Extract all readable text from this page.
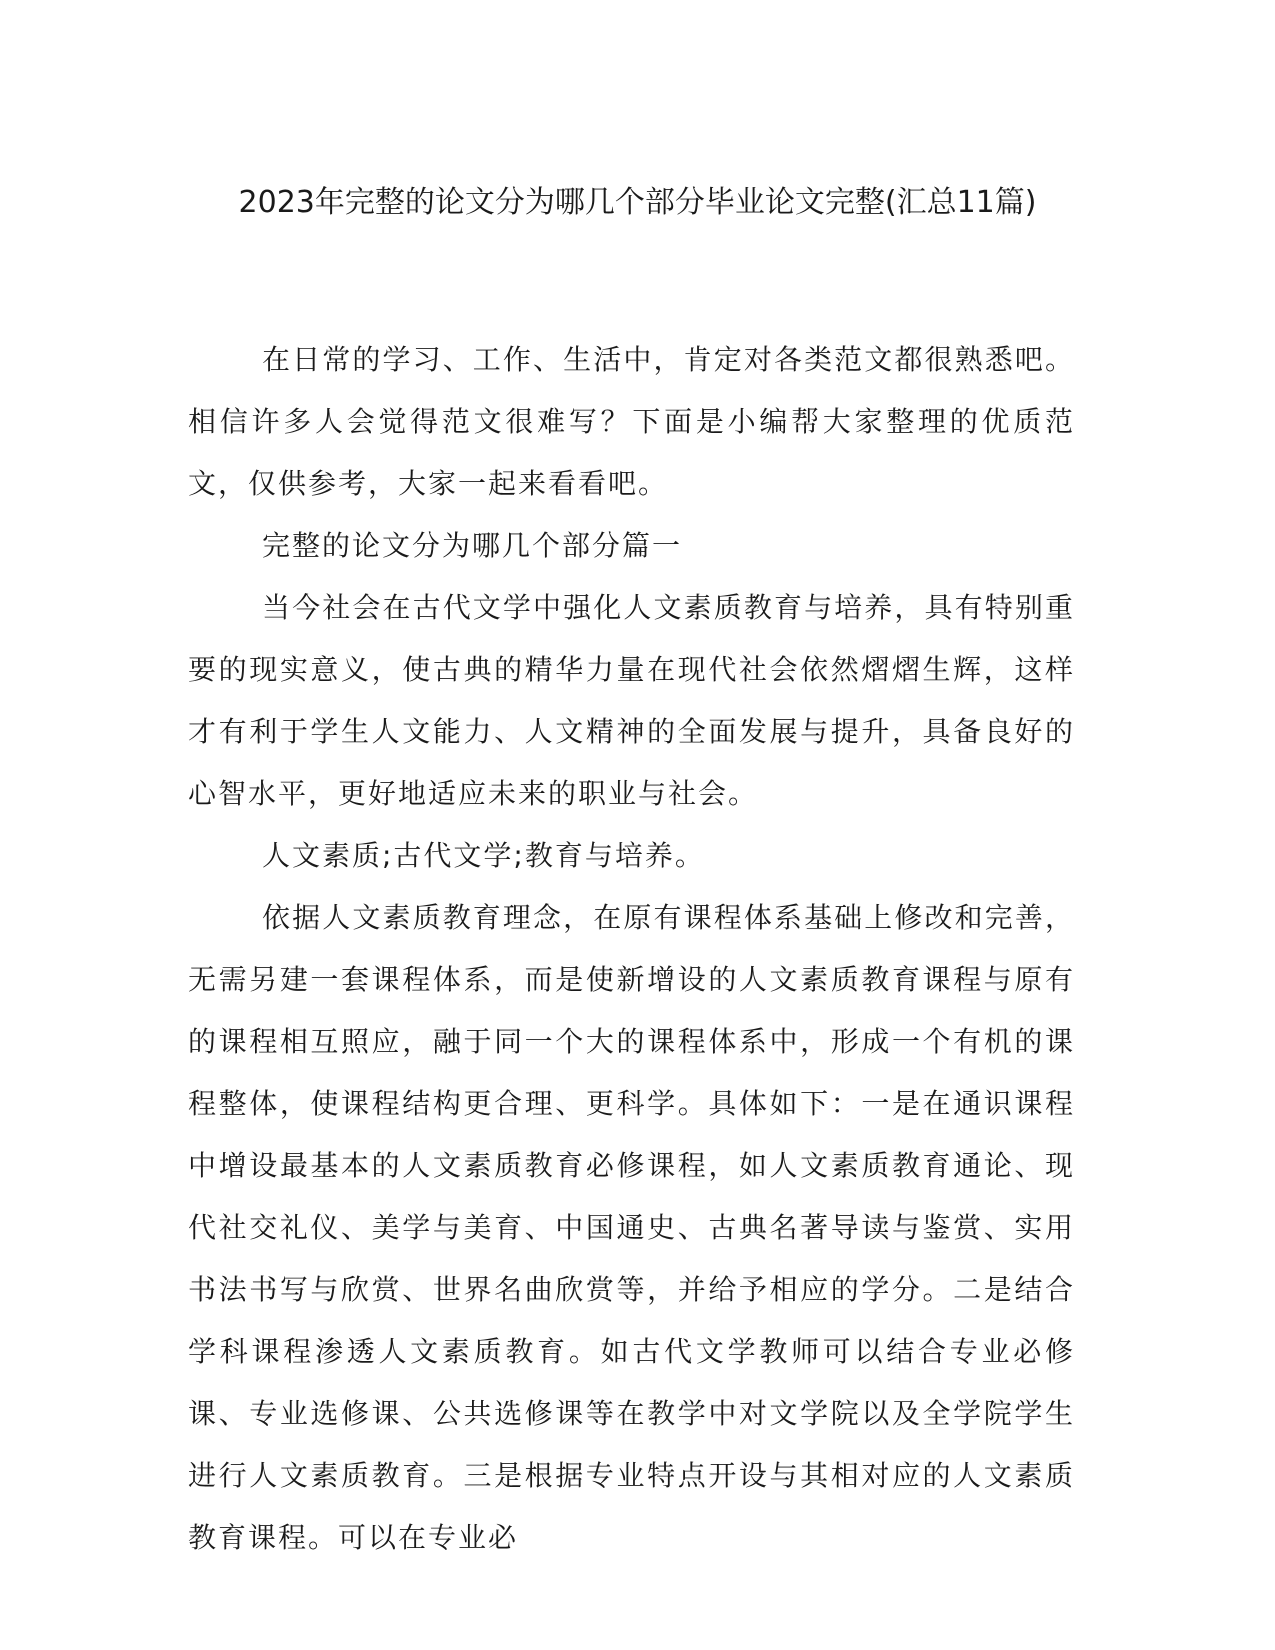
2023年完整的论文分为哪几个部分毕业论文完整(汇总11篇)

在日常的学习、工作、生活中，肯定对各类范文都很熟悉吧。相信许多人会觉得范文很难写？下面是小编帮大家整理的优质范文，仅供参考，大家一起来看看吧。

完整的论文分为哪几个部分篇一

当今社会在古代文学中强化人文素质教育与培养，具有特别重要的现实意义，使古典的精华力量在现代社会依然熠熠生辉，这样才有利于学生人文能力、人文精神的全面发展与提升，具备良好的心智水平，更好地适应未来的职业与社会。

人文素质;古代文学;教育与培养。

依据人文素质教育理念，在原有课程体系基础上修改和完善，无需另建一套课程体系，而是使新增设的人文素质教育课程与原有的课程相互照应，融于同一个大的课程体系中，形成一个有机的课程整体，使课程结构更合理、更科学。具体如下：一是在通识课程中增设最基本的人文素质教育必修课程，如人文素质教育通论、现代社交礼仪、美学与美育、中国通史、古典名著导读与鉴赏、实用书法书写与欣赏、世界名曲欣赏等，并给予相应的学分。二是结合学科课程渗透人文素质教育。如古代文学教师可以结合专业必修课、专业选修课、公共选修课等在教学中对文学院以及全学院学生进行人文素质教育。三是根据专业特点开设与其相对应的人文素质教育课程。可以在专业必
